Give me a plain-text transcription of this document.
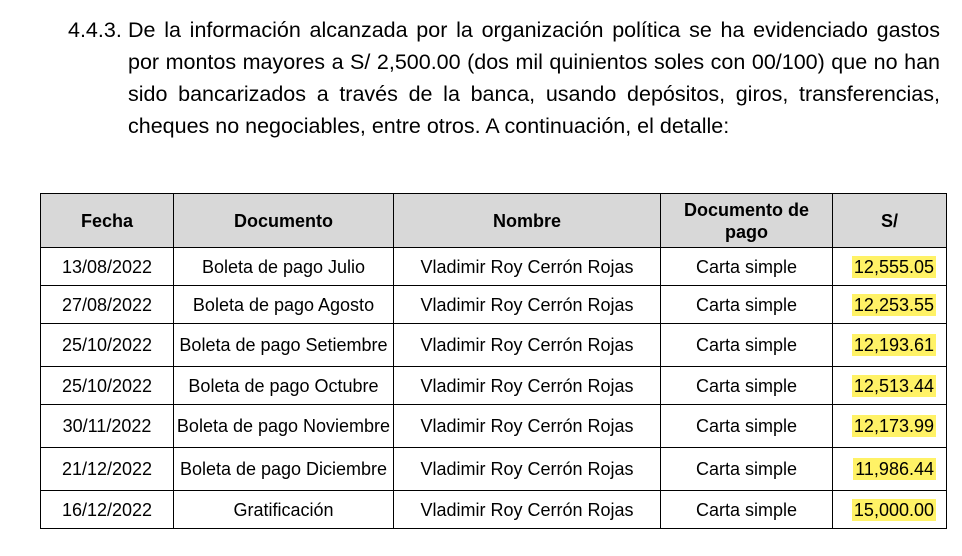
4.4.3. De la información alcanzada por la organización política se ha evidenciado gastos por montos mayores a S/ 2,500.00 (dos mil quinientos soles con 00/100) que no han sido bancarizados a través de la banca, usando depósitos, giros, transferencias, cheques no negociables, entre otros. A continuación, el detalle:
Fecha	Documento	Nombre	Documento de pago	S/
13/08/2022	Boleta de pago Julio	Vladimir Roy Cerrón Rojas	Carta simple	12,555.05
27/08/2022	Boleta de pago Agosto	Vladimir Roy Cerrón Rojas	Carta simple	12,253.55
25/10/2022	Boleta de pago Setiembre	Vladimir Roy Cerrón Rojas	Carta simple	12,193.61
25/10/2022	Boleta de pago Octubre	Vladimir Roy Cerrón Rojas	Carta simple	12,513.44
30/11/2022	Boleta de pago Noviembre	Vladimir Roy Cerrón Rojas	Carta simple	12,173.99
21/12/2022	Boleta de pago Diciembre	Vladimir Roy Cerrón Rojas	Carta simple	11,986.44
16/12/2022	Gratificación	Vladimir Roy Cerrón Rojas	Carta simple	15,000.00
